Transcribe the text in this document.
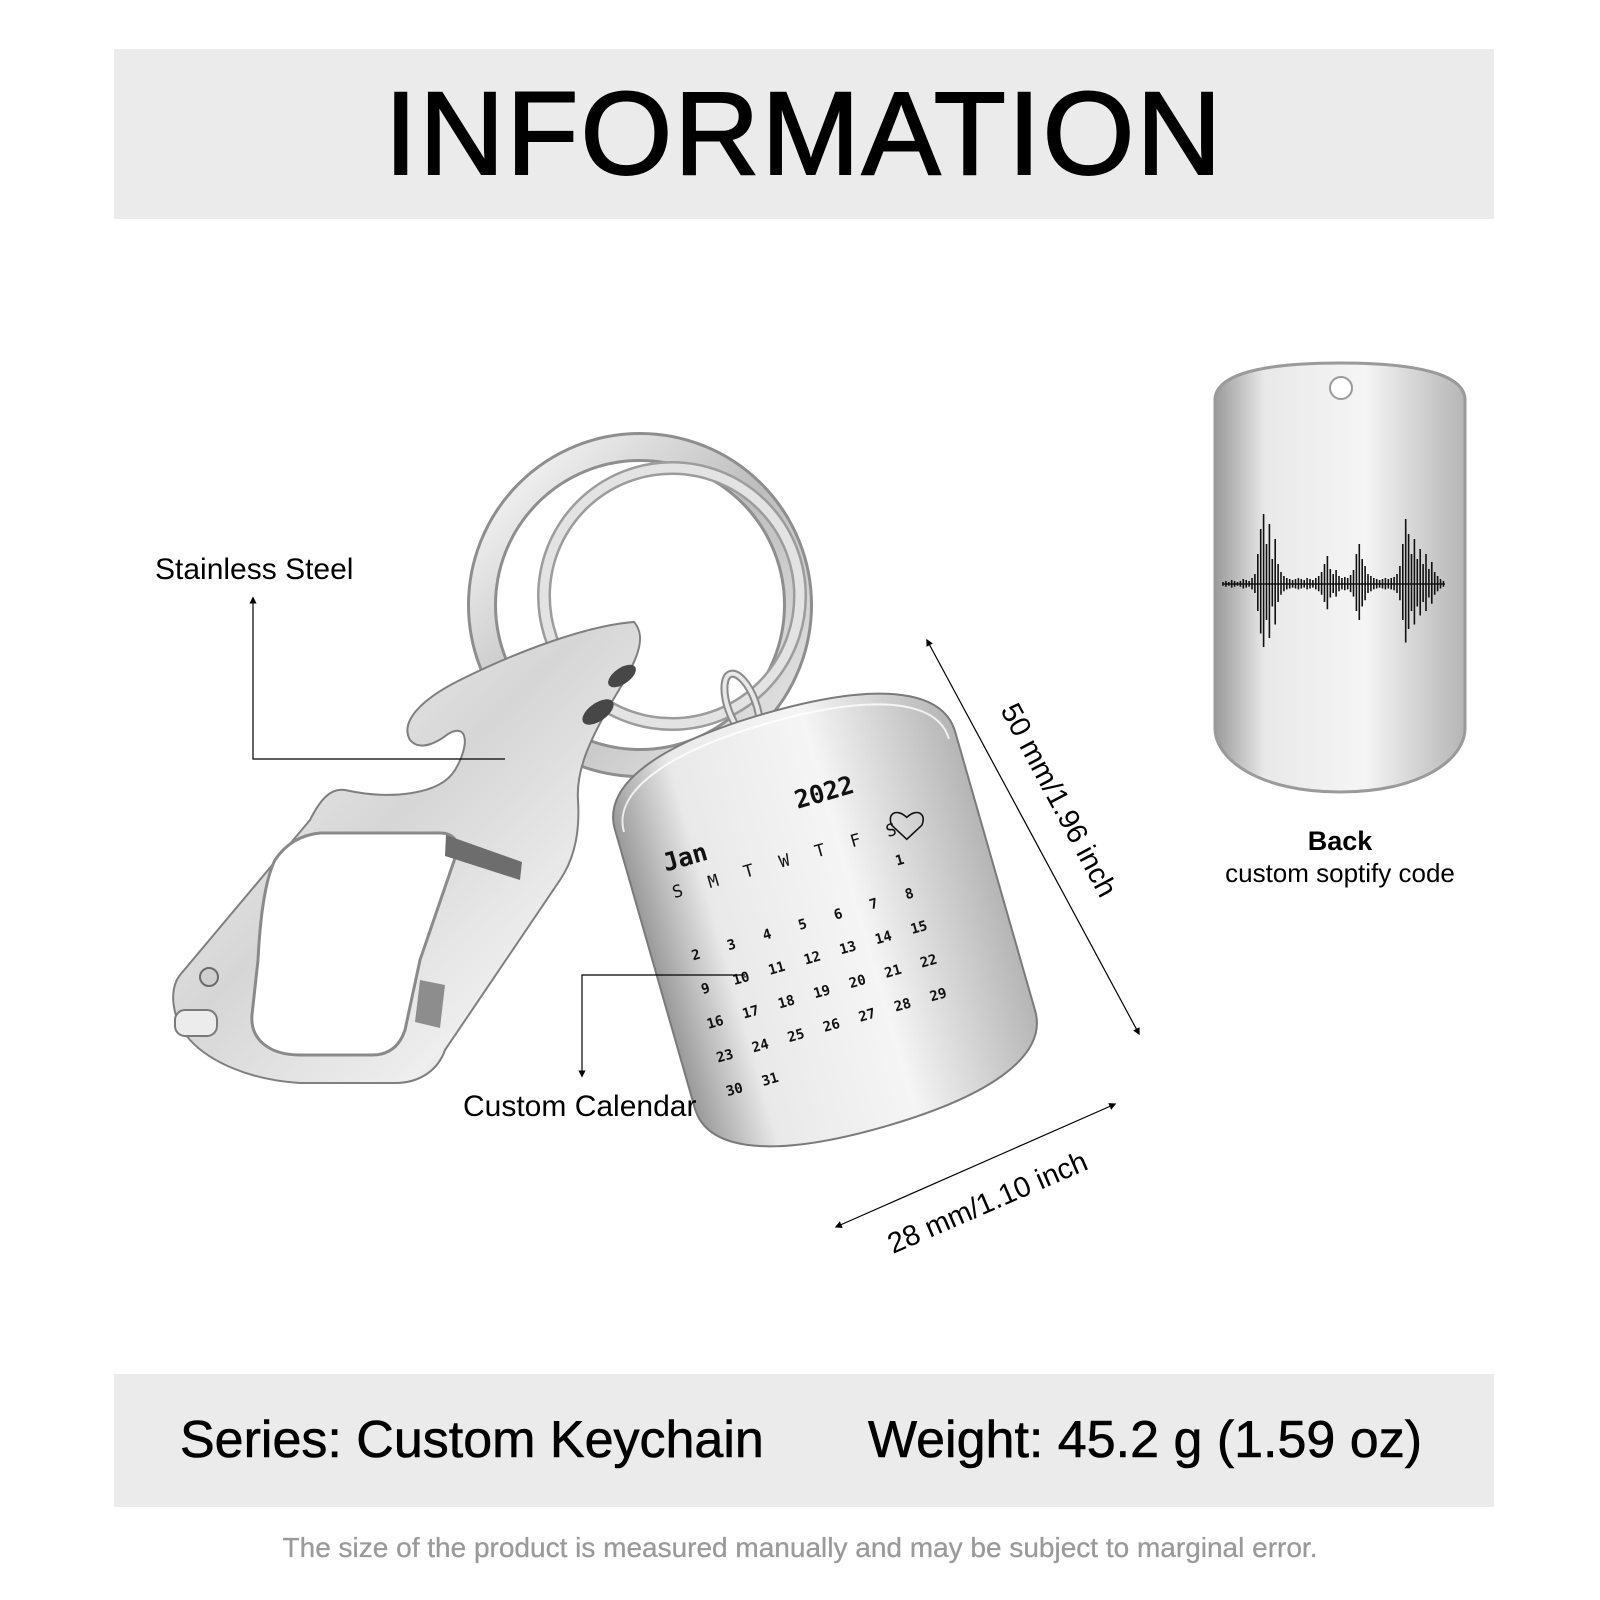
INFORMATION
Jan
2022
S M T W T F S
1
2
3
4
5
6
7
8
9
10
11
12
13
14
15
16
17
18
19
20
21
22
23
24
25
26
27
28
29
30
31
50 mm/1.96 inch
28 mm/1.10 inch
Stainless Steel
Custom Calendar
Back
custom soptify code
Series: Custom Keychain Weight: 45.2 g (1.59 oz)
The size of the product is measured manually and may be subject to marginal error.
